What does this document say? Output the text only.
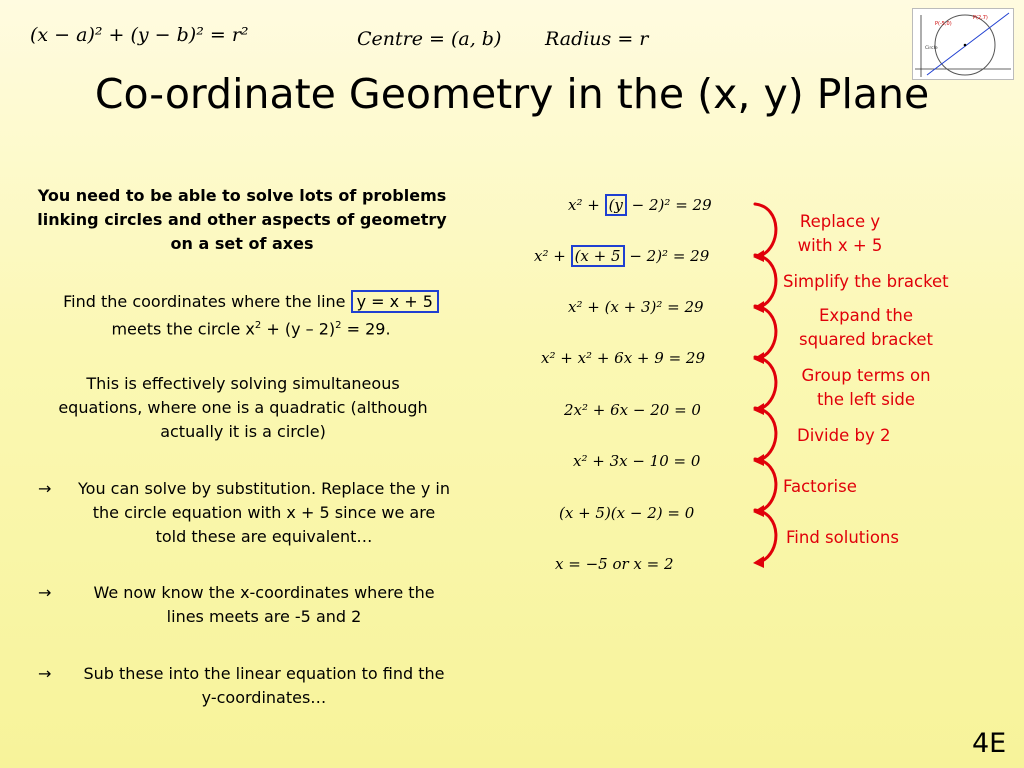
(x − a)² + (y − b)² = r²	Centre = (a, b) Radius = r
P(2,7)
P(-5,0)
Circle
Co-ordinate Geometry in the (x, y) Plane
You need to be able to solve lots of problems linking circles and other aspects of geometry on a set of axes
Find the coordinates where the line y = x + 5
meets the circle $x^2 + (y - 2)^2 = 29$.
This is effectively solving simultaneous equations, where one is a quadratic (although actually it is a circle)
→ You can solve by substitution. Replace the y in the circle equation with x + 5 since we are told these are equivalent…
→	We now know the x-coordinates where the lines meets are -5 and 2
→ Sub these into the linear equation to find the y-coordinates…
x² + (y − 2)² = 29
x² + (x + 5 − 2)² = 29
x² + (x + 3)² = 29
x² + x² + 6x + 9 = 29
2x² + 6x − 20 = 0
x² + 3x − 10 = 0
(x + 5)(x − 2) = 0
x = −5 or x = 2
Replace y
with x + 5
Simplify the bracket
Expand the
squared bracket
Group terms on
the left side
Divide by 2
Factorise
Find solutions
4E
